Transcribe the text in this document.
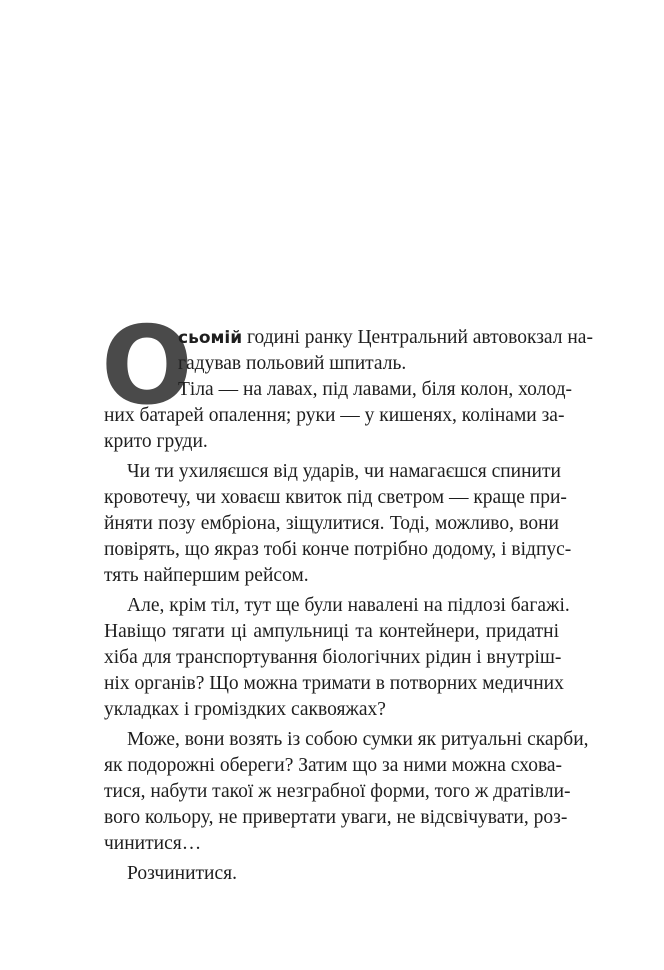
О
сьомій годині ранку Центральний автовокзал на-
гадував польовий шпиталь.
Тіла — на лавах, під лавами, біля колон, холод-
них батарей опалення; руки — у кишенях, колінами за-
крито груди.
Чи ти ухиляєшся від ударів, чи намагаєшся спинити
кровотечу, чи ховаєш квиток під светром — краще при-
йняти позу ембріона, зіщулитися. Тоді, можливо, вони
повірять, що якраз тобі конче потрібно додому, і відпус-
тять найпершим рейсом.
Але, крім тіл, тут ще були навалені на підлозі багажі.
Навіщо тягати ці ампульниці та контейнери, придатні
хіба для транспортування біологічних рідин і внутріш-
ніх органів? Що можна тримати в потворних медичних
укладках і громіздких саквояжах?
Може, вони возять із собою сумки як ритуальні скарби,
як подорожні обереги? Затим що за ними можна схова-
тися, набути такої ж незграбної форми, того ж дратівли-
вого кольору, не привертати уваги, не відсвічувати, роз-
чинитися…
Розчинитися.
